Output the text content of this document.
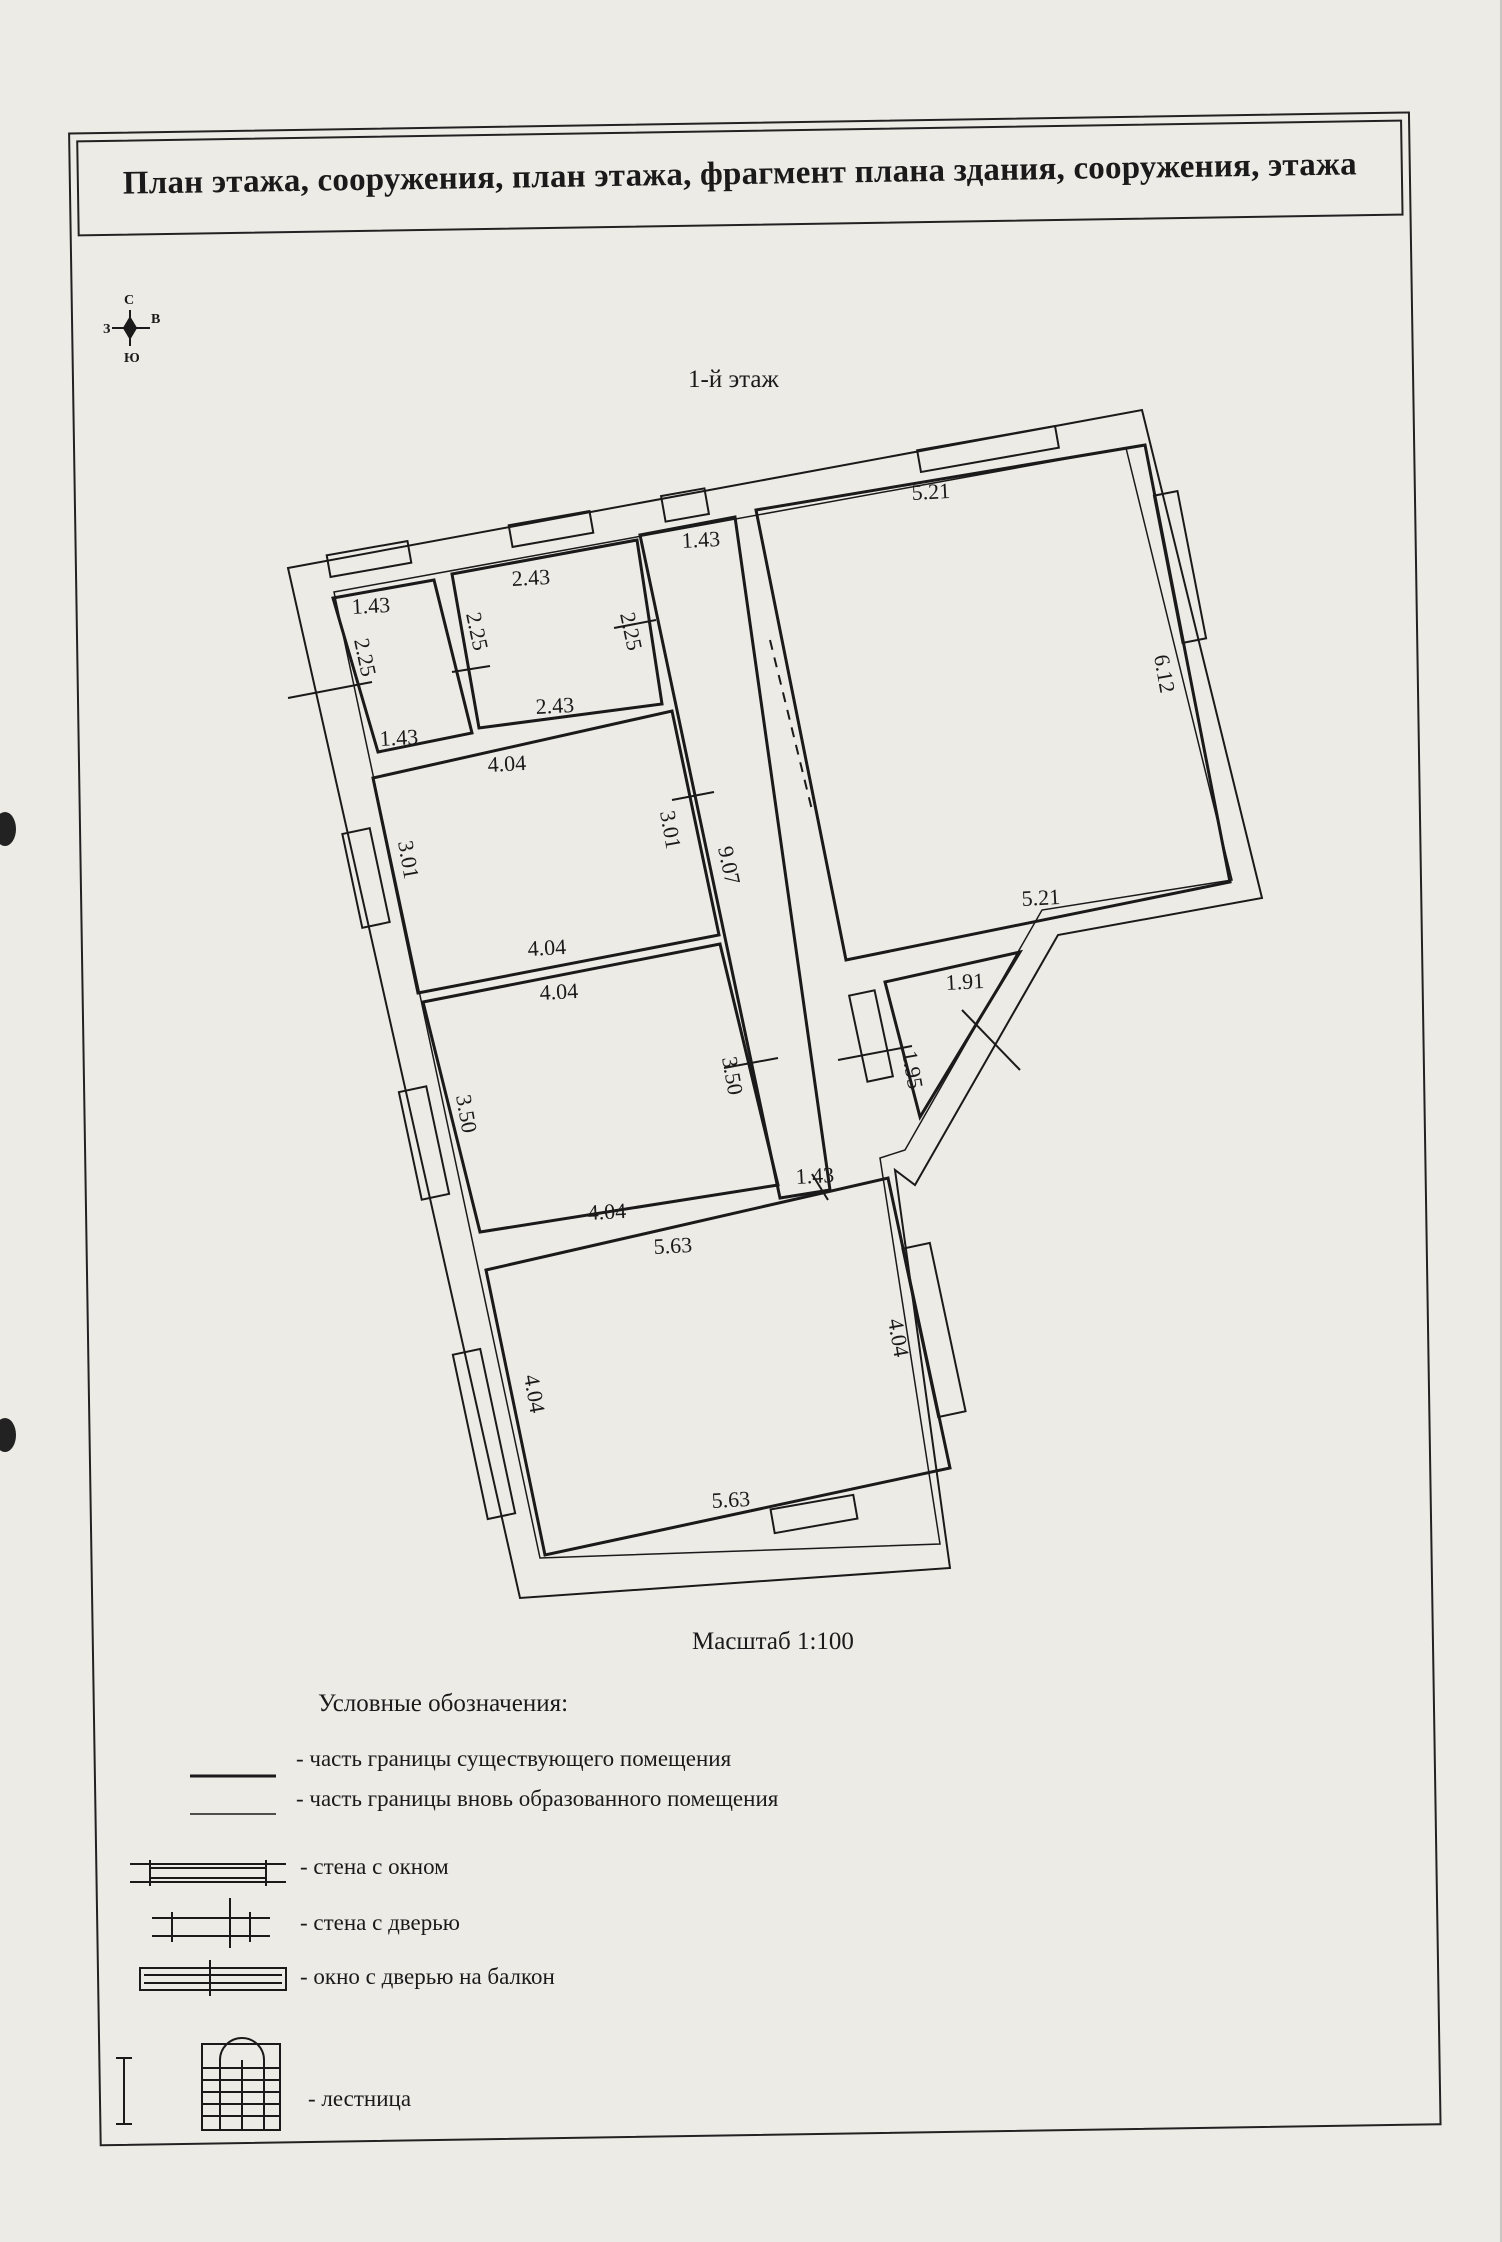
План этажа, сооружения, план этажа, фрагмент плана здания, сооружения, этажа
1-й этаж
1.43
1.43
2.25
2.25
2.43
2.43
2.25
1.43
9.07
4.04
4.04
3.01
3.01
4.04
4.04
3.50
3.50
1.43
5.63
5.63
4.04
4.04
5.21
5.21
6.12
1.91
1.95
С
Ю
З
В
Масштаб 1:100
Условные обозначения:
- часть границы существующего помещения
- часть границы вновь образованного помещения
- стена с окном
- стена с дверью
- окно с дверью на балкон
- лестница
